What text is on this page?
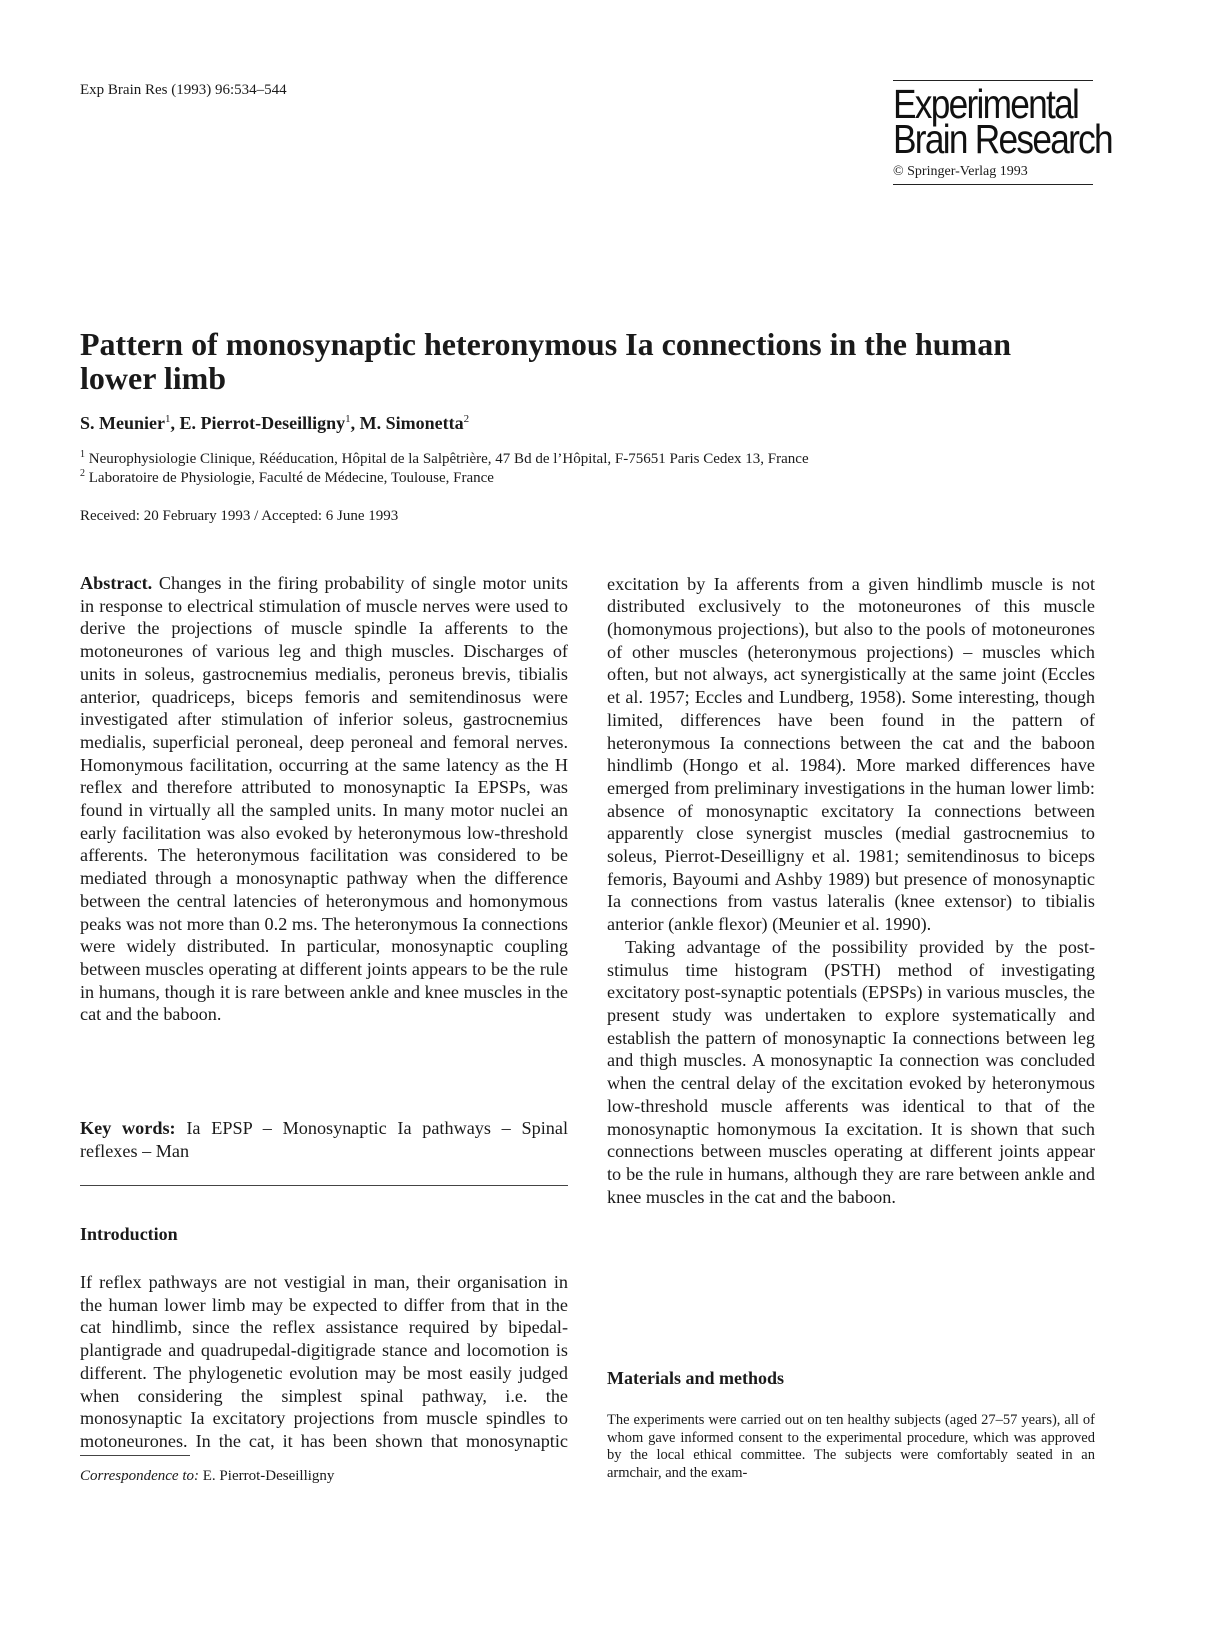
Exp Brain Res (1993) 96:534–544	Experimental
Brain Research
© Springer-Verlag 1993
Pattern of monosynaptic heteronymous Ia connections in the human lower limb
S. Meunier$^1$, E. Pierrot-Deseilligny$^1$, M. Simonetta$^2$
$^1$ Neurophysiologie Clinique, Rééducation, Hôpital de la Salpêtrière, 47 Bd de l’Hôpital, F-75651 Paris Cedex 13, France
$^2$ Laboratoire de Physiologie, Faculté de Médecine, Toulouse, France
Received: 20 February 1993 / Accepted: 6 June 1993

Abstract. Changes in the firing probability of single motor units in response to electrical stimulation of muscle nerves were used to derive the projections of muscle spindle Ia afferents to the motoneurones of various leg and thigh muscles. Discharges of units in soleus, gastrocnemius medialis, peroneus brevis, tibialis anterior, quadriceps, biceps femoris and semitendinosus were investigated after stimulation of inferior soleus, gastrocnemius medialis, superficial peroneal, deep peroneal and femoral nerves. Homonymous facilitation, occurring at the same latency as the H reflex and therefore attributed to monosynaptic Ia EPSPs, was found in virtually all the sampled units. In many motor nuclei an early facilitation was also evoked by heteronymous low-threshold afferents. The heteronymous facilitation was considered to be mediated through a monosynaptic pathway when the difference between the central latencies of heteronymous and homonymous peaks was not more than 0.2 ms. The heteronymous Ia connections were widely distributed. In particular, monosynaptic coupling between muscles operating at different joints appears to be the rule in humans, though it is rare between ankle and knee muscles in the cat and the baboon.

Key words: Ia EPSP – Monosynaptic Ia pathways – Spinal reflexes – Man

Introduction

If reflex pathways are not vestigial in man, their organisation in the human lower limb may be expected to differ from that in the cat hindlimb, since the reflex assistance required by bipedal-plantigrade and quadrupedal-digitigrade stance and locomotion is different. The phylogenetic evolution may be most easily judged when considering the simplest spinal pathway, i.e. the monosynaptic Ia excitatory projections from muscle spindles to motoneurones. In the cat, it has been shown that monosynaptic

excitation by Ia afferents from a given hindlimb muscle is not distributed exclusively to the motoneurones of this muscle (homonymous projections), but also to the pools of motoneurones of other muscles (heteronymous projections) – muscles which often, but not always, act synergistically at the same joint (Eccles et al. 1957; Eccles and Lundberg, 1958). Some interesting, though limited, differences have been found in the pattern of heteronymous Ia connections between the cat and the baboon hindlimb (Hongo et al. 1984). More marked differences have emerged from preliminary investigations in the human lower limb: absence of monosynaptic excitatory Ia connections between apparently close synergist muscles (medial gastrocnemius to soleus, Pierrot-Deseilligny et al. 1981; semitendinosus to biceps femoris, Bayoumi and Ashby 1989) but presence of monosynaptic Ia connections from vastus lateralis (knee extensor) to tibialis anterior (ankle flexor) (Meunier et al. 1990).

Taking advantage of the possibility provided by the post-stimulus time histogram (PSTH) method of investigating excitatory post-synaptic potentials (EPSPs) in various muscles, the present study was undertaken to explore systematically and establish the pattern of monosynaptic Ia connections between leg and thigh muscles. A monosynaptic Ia connection was concluded when the central delay of the excitation evoked by heteronymous low-threshold muscle afferents was identical to that of the monosynaptic homonymous Ia excitation. It is shown that such connections between muscles operating at different joints appear to be the rule in humans, although they are rare between ankle and knee muscles in the cat and the baboon.

Materials and methods
The experiments were carried out on ten healthy subjects (aged 27–57 years), all of whom gave informed consent to the experimental procedure, which was approved by the local ethical committee. The subjects were comfortably seated in an armchair, and the exam-
Correspondence to: E. Pierrot-Deseilligny
